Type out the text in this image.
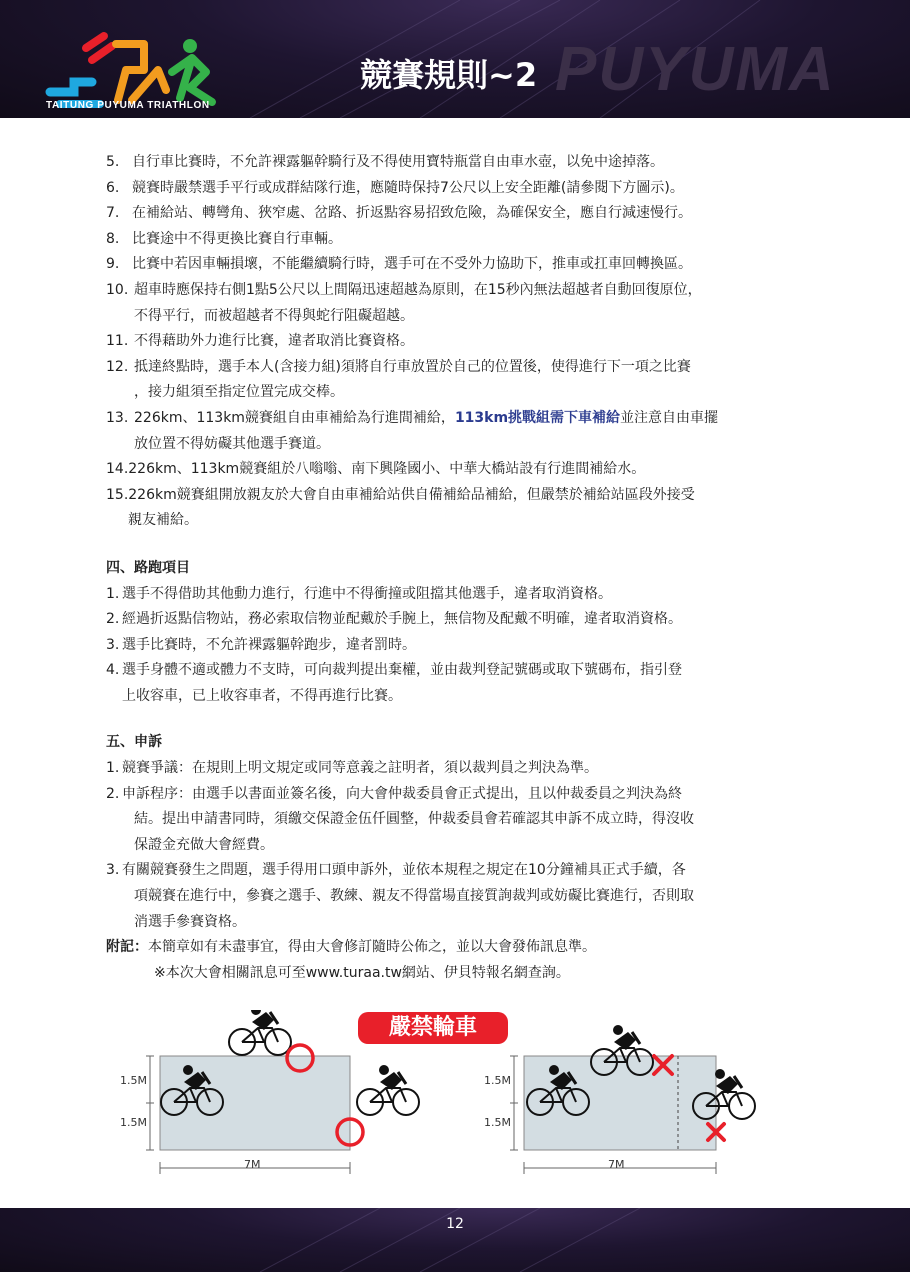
PUYUMA
TAITUNG PUYUMA TRIATHLON
競賽規則~2
5. 自行車比賽時，不允許裸露軀幹騎行及不得使用寶特瓶當自由車水壺，以免中途掉落。
6. 競賽時嚴禁選手平行或成群結隊行進，應隨時保持7公尺以上安全距離(請參閱下方圖示)。
7. 在補給站、轉彎角、狹窄處、岔路、折返點容易招致危險，為確保安全，應自行減速慢行。
8. 比賽途中不得更換比賽自行車輛。
9. 比賽中若因車輛損壞，不能繼續騎行時，選手可在不受外力協助下，推車或扛車回轉換區。
10. 超車時應保持右側1點5公尺以上間隔迅速超越為原則，在15秒內無法超越者自動回復原位，
不得平行，而被超越者不得與蛇行阻礙超越。
11. 不得藉助外力進行比賽，違者取消比賽資格。
12. 抵達終點時，選手本人(含接力組)須將自行車放置於自己的位置後，使得進行下一項之比賽
，接力組須至指定位置完成交棒。
13. 226km、113km競賽組自由車補給為行進間補給，113km挑戰組需下車補給並注意自由車擺
放位置不得妨礙其他選手賽道。
14.226km、113km競賽組於八嗡嗡、南下興隆國小、中華大橋站設有行進間補給水。
15.226km競賽組開放親友於大會自由車補給站供自備補給品補給，但嚴禁於補給站區段外接受
親友補給。
四、路跑項目
1. 選手不得借助其他動力進行，行進中不得衝撞或阻擋其他選手，違者取消資格。
2. 經過折返點信物站，務必索取信物並配戴於手腕上，無信物及配戴不明確，違者取消資格。
3. 選手比賽時，不允許裸露軀幹跑步，違者罰時。
4. 選手身體不適或體力不支時，可向裁判提出棄權，並由裁判登記號碼或取下號碼布，指引登
上收容車，已上收容車者，不得再進行比賽。
五、申訴
1. 競賽爭議：在規則上明文規定或同等意義之註明者，須以裁判員之判決為準。
2. 申訴程序：由選手以書面並簽名後，向大會仲裁委員會正式提出，且以仲裁委員之判決為終
結。提出申請書同時，須繳交保證金伍仟圓整，仲裁委員會若確認其申訴不成立時，得沒收
保證金充做大會經費。
3. 有關競賽發生之問題，選手得用口頭申訴外，並依本規程之規定在10分鐘補具正式手續，各
項競賽在進行中，參賽之選手、教練、親友不得當場直接質詢裁判或妨礙比賽進行，否則取
消選手參賽資格。
附記：本簡章如有未盡事宜，得由大會修訂隨時公佈之，並以大會發佈訊息準。
※本次大會相關訊息可至www.turaa.tw網站、伊貝特報名網查詢。
嚴禁輪車
1.5M
1.5M
7M
1.5M
1.5M
7M
12
